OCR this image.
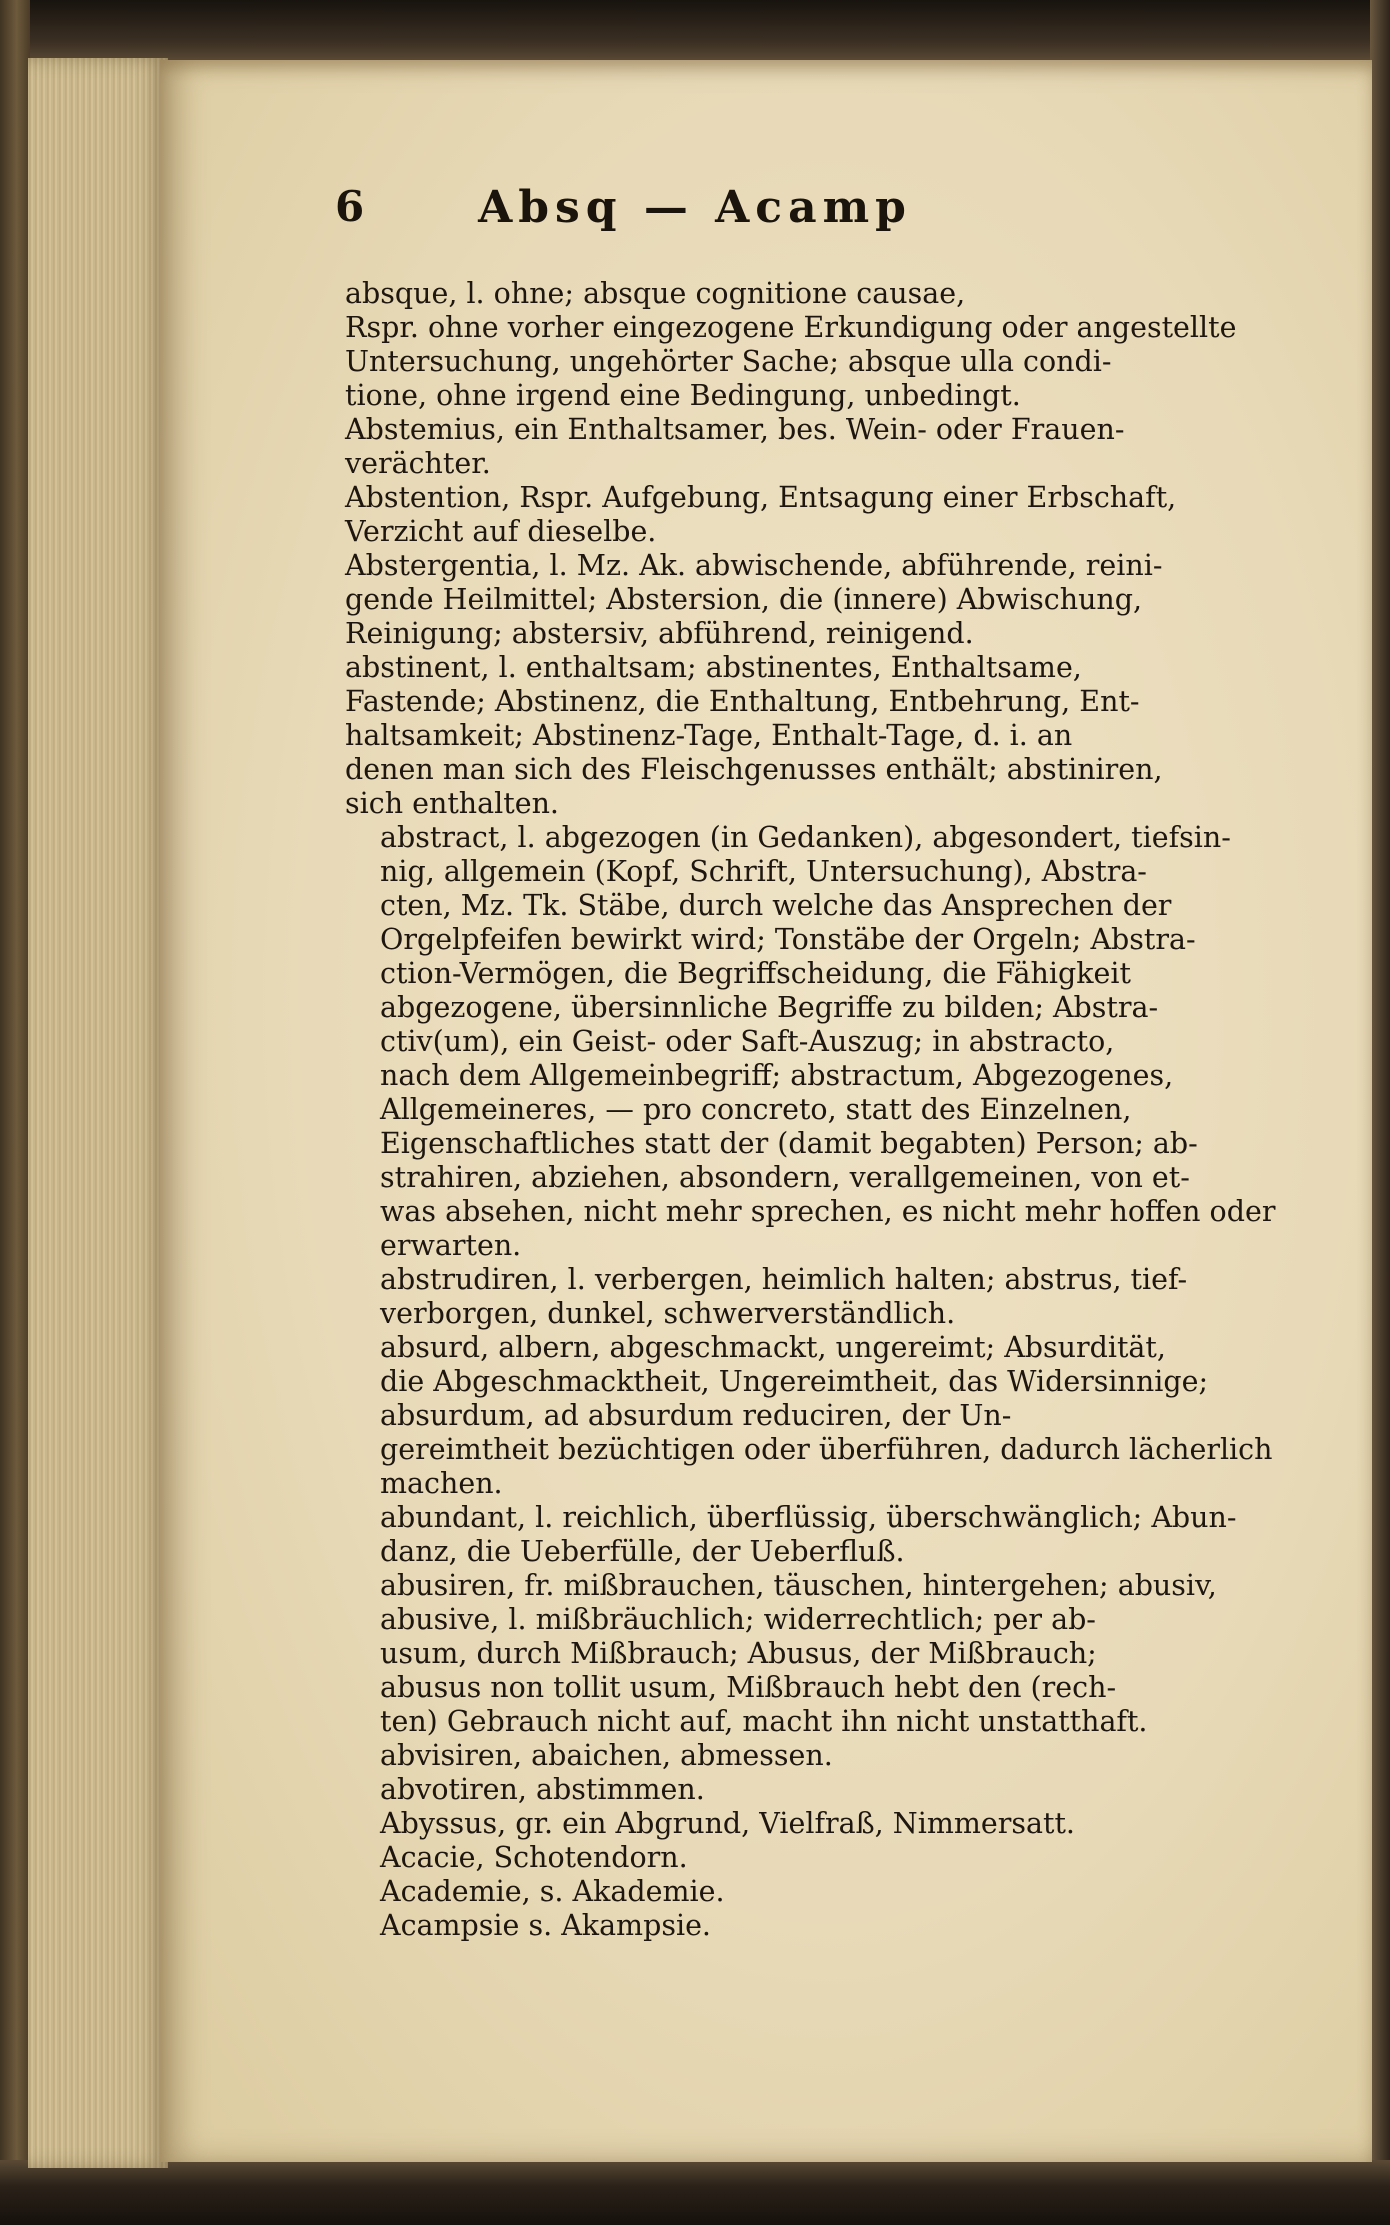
6	Absq — Acamp
absque, l. ohne; absque cognitione causae,
Rspr. ohne vorher eingezogene Erkundigung oder angestellte
Untersuchung, ungehörter Sache; absque ulla condi-
tione, ohne irgend eine Bedingung, unbedingt.
Abstemius, ein Enthaltsamer, bes. Wein- oder Frauen-
verächter.
Abstention, Rspr. Aufgebung, Entsagung einer Erbschaft,
Verzicht auf dieselbe.
Abstergentia, l. Mz. Ak. abwischende, abführende, reini-
gende Heilmittel; Abstersion, die (innere) Abwischung,
Reinigung; abstersiv, abführend, reinigend.
abstinent, l. enthaltsam; abstinentes, Enthaltsame,
Fastende; Abstinenz, die Enthaltung, Entbehrung, Ent-
haltsamkeit; Abstinenz-Tage, Enthalt-Tage, d. i. an
denen man sich des Fleischgenusses enthält; abstiniren,
sich enthalten.
abstract, l. abgezogen (in Gedanken), abgesondert, tiefsin-
nig, allgemein (Kopf, Schrift, Untersuchung), Abstra-
cten, Mz. Tk. Stäbe, durch welche das Ansprechen der
Orgelpfeifen bewirkt wird; Tonstäbe der Orgeln; Abstra-
ction-Vermögen, die Begriffscheidung, die Fähigkeit
abgezogene, übersinnliche Begriffe zu bilden; Abstra-
ctiv(um), ein Geist- oder Saft-Auszug; in abstracto,
nach dem Allgemeinbegriff; abstractum, Abgezogenes,
Allgemeineres, — pro concreto, statt des Einzelnen,
Eigenschaftliches statt der (damit begabten) Person; ab-
strahiren, abziehen, absondern, verallgemeinen, von et-
was absehen, nicht mehr sprechen, es nicht mehr hoffen oder
erwarten.
abstrudiren, l. verbergen, heimlich halten; abstrus, tief-
verborgen, dunkel, schwerverständlich.
absurd, albern, abgeschmackt, ungereimt; Absurdität,
die Abgeschmacktheit, Ungereimtheit, das Widersinnige;
absurdum, ad absurdum reduciren, der Un-
gereimtheit bezüchtigen oder überführen, dadurch lächerlich
machen.
abundant, l. reichlich, überflüssig, überschwänglich; Abun-
danz, die Ueberfülle, der Ueberfluß.
abusiren, fr. mißbrauchen, täuschen, hintergehen; abusiv,
abusive, l. mißbräuchlich; widerrechtlich; per ab-
usum, durch Mißbrauch; Abusus, der Mißbrauch;
abusus non tollit usum, Mißbrauch hebt den (rech-
ten) Gebrauch nicht auf, macht ihn nicht unstatthaft.
abvisiren, abaichen, abmessen.
abvotiren, abstimmen.
Abyssus, gr. ein Abgrund, Vielfraß, Nimmersatt.
Acacie, Schotendorn.
Academie, s. Akademie.
Acampsie s. Akampsie.
